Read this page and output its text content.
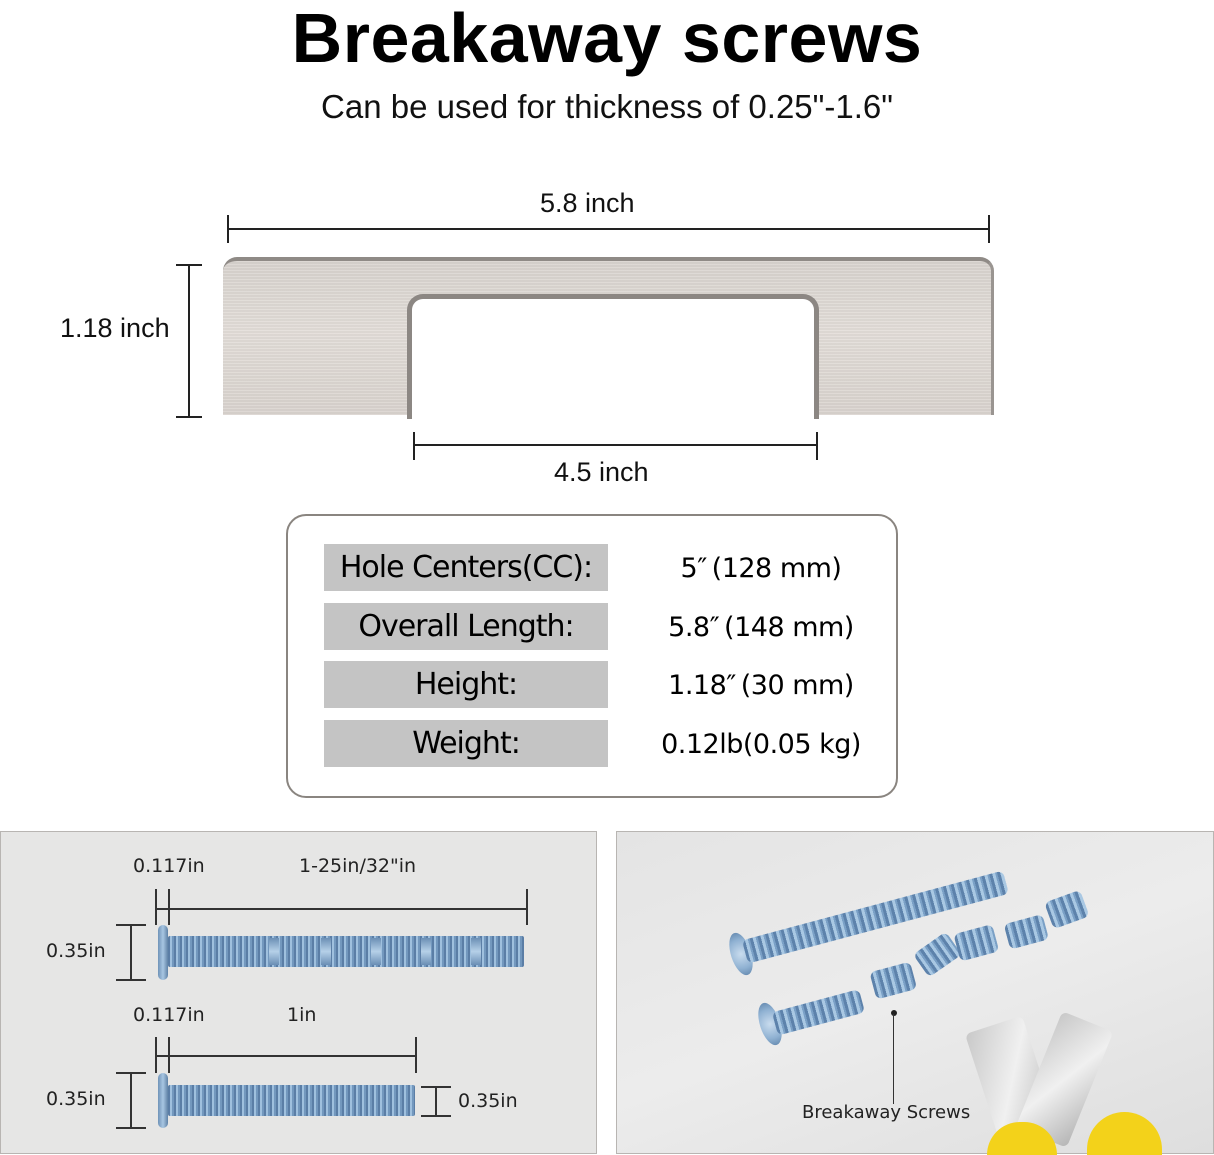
Breakaway screws
Can be used for thickness of 0.25"-1.6"
5.8 inch
1.18 inch
4.5 inch
Hole Centers(CC):	5″ (128 mm)
Overall Length:	5.8″ (148 mm)
Height:	1.18″ (30 mm)
Weight:	0.12lb(0.05 kg)
0.117in	1-25in/32"in
0.35in
0.117in	1in
0.35in	0.35in
Breakaway Screws
